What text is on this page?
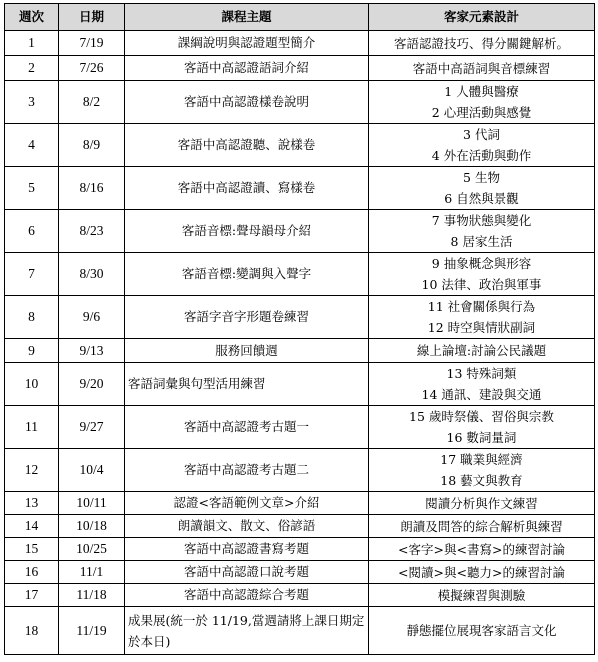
週次	日期	課程主題	客家元素設計
1	7/19	課綱說明與認證題型簡介	客語認證技巧、得分關鍵解析。

2	7/26	客語中高認證語詞介紹	客語中高語詞與音標練習

3	8/2	客語中高認證樣卷說明	1 人體與醫療
2 心理活動與感覺

4	8/9	客語中高認證聽、說樣卷	3 代詞
4 外在活動與動作

5	8/16	客語中高認證讀、寫樣卷	5 生物
6 自然與景觀

6	8/23	客語音標:聲母韻母介紹	7 事物狀態與變化
8 居家生活

7	8/30	客語音標:變調與入聲字	9 抽象概念與形容
10 法律、政治與軍事

8	9/6	客語字音字形題卷練習	11 社會關係與行為
12 時空與情狀副詞

9	9/13	服務回饋週	線上論壇:討論公民議題

10	9/20	客語詞彙與句型活用練習	13 特殊詞類
14 通訊、建設與交通

11	9/27	客語中高認證考古題一	15 歲時祭儀、習俗與宗教
16 數詞量詞

12	10/4	客語中高認證考古題二	17 職業與經濟
18 藝文與教育

13	10/11	認證<客語範例文章>介紹	閱讀分析與作文練習

14	10/18	朗讀韻文、散文、俗諺語	朗讀及問答的綜合解析與練習

15	10/25	客語中高認證書寫考題	<客字>與<書寫>的練習討論

16	11/1	客語中高認證口說考題	<閱讀>與<聽力>的練習討論

17	11/18	客語中高認證綜合考題	模擬練習與測驗

18	11/19	成果展(統一於 11/19,當週請將上課日期定於本日)	靜態擺位展現客家語言文化
